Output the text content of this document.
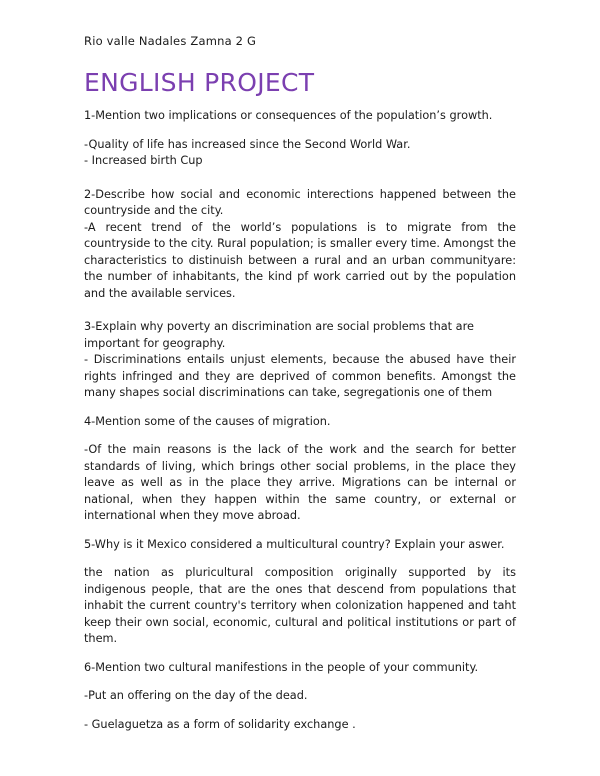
Rio valle Nadales Zamna 2 G
ENGLISH PROJECT

1-Mention two implications or consequences of the population’s growth.

-Quality of life has increased since the Second World War.

- Increased birth Cup

2-Describe how social and economic interections happened between the countryside and the city.

-A recent trend of the world’s populations is to migrate from the countryside to the city. Rural population; is smaller every time. Amongst the characteristics to distinuish between a rural and an urban communityare: the number of inhabitants, the kind pf work carried out by the population and the available services.

3-Explain why poverty an discrimination are social problems that are important for geography.

- Discriminations entails unjust elements, because the abused have their rights infringed and they are deprived of common benefits. Amongst the many shapes social discriminations can take, segregationis one of them

4-Mention some of the causes of migration.

-Of the main reasons is the lack of the work and the search for better standards of living, which brings other social problems, in the place they leave as well as in the place they arrive. Migrations can be internal or national, when they happen within the same country, or external or international when they move abroad.

5-Why is it Mexico considered a multicultural country? Explain your aswer.

the nation as pluricultural composition originally supported by its indigenous people, that are the ones that descend from populations that inhabit the current country's territory when colonization happened and taht keep their own social, economic, cultural and political institutions or part of them.

6-Mention two cultural manifestions in the people of your community.

-Put an offering on the day of the dead.

- Guelaguetza as a form of solidarity exchange .
